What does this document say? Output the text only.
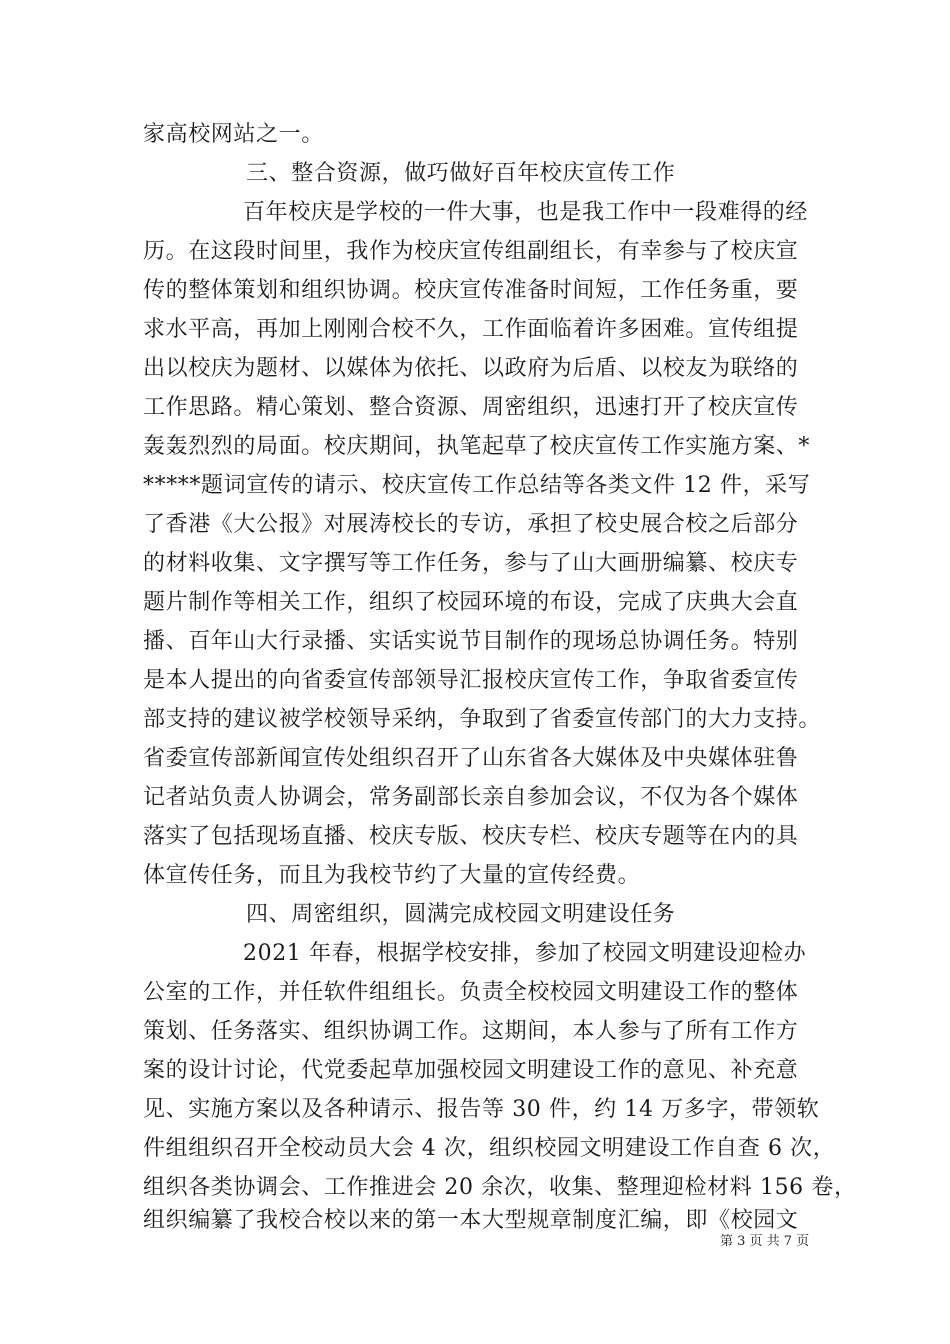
家高校网站之一。
三、整合资源，做巧做好百年校庆宣传工作
百年校庆是学校的一件大事，也是我工作中一段难得的经
历。在这段时间里，我作为校庆宣传组副组长，有幸参与了校庆宣
传的整体策划和组织协调。校庆宣传准备时间短，工作任务重，要
求水平高，再加上刚刚合校不久，工作面临着许多困难。宣传组提
出以校庆为题材、以媒体为依托、以政府为后盾、以校友为联络的
工作思路。精心策划、整合资源、周密组织，迅速打开了校庆宣传
轰轰烈烈的局面。校庆期间，执笔起草了校庆宣传工作实施方案、*
*****题词宣传的请示、校庆宣传工作总结等各类文件 12 件，采写
了香港《大公报》对展涛校长的专访，承担了校史展合校之后部分
的材料收集、文字撰写等工作任务，参与了山大画册编纂、校庆专
题片制作等相关工作，组织了校园环境的布设，完成了庆典大会直
播、百年山大行录播、实话实说节目制作的现场总协调任务。特别
是本人提出的向省委宣传部领导汇报校庆宣传工作，争取省委宣传
部支持的建议被学校领导采纳，争取到了省委宣传部门的大力支持。
省委宣传部新闻宣传处组织召开了山东省各大媒体及中央媒体驻鲁
记者站负责人协调会，常务副部长亲自参加会议，不仅为各个媒体
落实了包括现场直播、校庆专版、校庆专栏、校庆专题等在内的具
体宣传任务，而且为我校节约了大量的宣传经费。
四、周密组织，圆满完成校园文明建设任务
2021 年春，根据学校安排，参加了校园文明建设迎检办
公室的工作，并任软件组组长。负责全校校园文明建设工作的整体
策划、任务落实、组织协调工作。这期间，本人参与了所有工作方
案的设计讨论，代党委起草加强校园文明建设工作的意见、补充意
见、实施方案以及各种请示、报告等 30 件，约 14 万多字，带领软
件组组织召开全校动员大会 4 次，组织校园文明建设工作自查 6 次，
组织各类协调会、工作推进会 20 余次，收集、整理迎检材料 156 卷，
组织编纂了我校合校以来的第一本大型规章制度汇编，即《校园文
第 3 页 共 7 页
